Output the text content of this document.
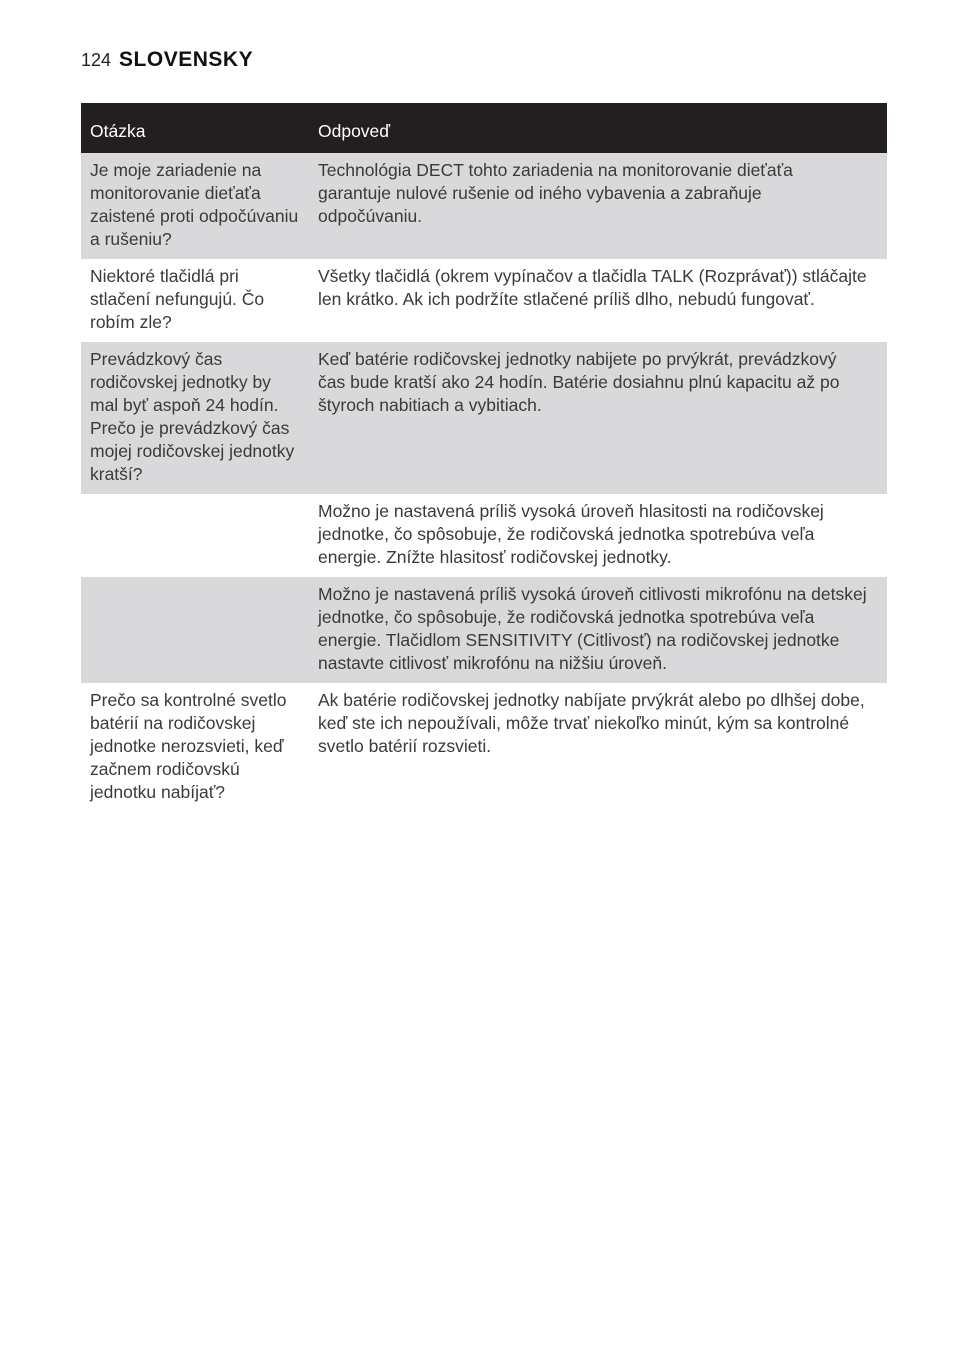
124 SLOVENSKY
Otázka	Odpoveď
Je moje zariadenie na monitorovanie dieťaťa zaistené proti odpočúvaniu a rušeniu?	Technológia DECT tohto zariadenia na monitorovanie dieťaťa garantuje nulové rušenie od iného vybavenia a zabraňuje odpočúvaniu.
Niektoré tlačidlá pri stlačení nefungujú. Čo robím zle?	Všetky tlačidlá (okrem vypínačov a tlačidla TALK (Rozprávať)) stláčajte len krátko. Ak ich podržíte stlačené príliš dlho, nebudú fungovať.
Prevádzkový čas rodičovskej jednotky by mal byť aspoň 24 hodín. Prečo je prevádzkový čas mojej rodičovskej jednotky kratší?	Keď batérie rodičovskej jednotky nabijete po prvýkrát, prevádzkový čas bude kratší ako 24 hodín. Batérie dosiahnu plnú kapacitu až po štyroch nabitiach a vybitiach.
	Možno je nastavená príliš vysoká úroveň hlasitosti na rodičovskej jednotke, čo spôsobuje, že rodičovská jednotka spotrebúva veľa energie. Znížte hlasitosť rodičovskej jednotky.
	Možno je nastavená príliš vysoká úroveň citlivosti mikrofónu na detskej jednotke, čo spôsobuje, že rodičovská jednotka spotrebúva veľa energie. Tlačidlom SENSITIVITY (Citlivosť) na rodičovskej jednotke nastavte citlivosť mikrofónu na nižšiu úroveň.
Prečo sa kontrolné svetlo batérií na rodičovskej jednotke nerozsvieti, keď začnem rodičovskú jednotku nabíjať?	Ak batérie rodičovskej jednotky nabíjate prvýkrát alebo po dlhšej dobe, keď ste ich nepoužívali, môže trvať niekoľko minút, kým sa kontrolné svetlo batérií rozsvieti.
